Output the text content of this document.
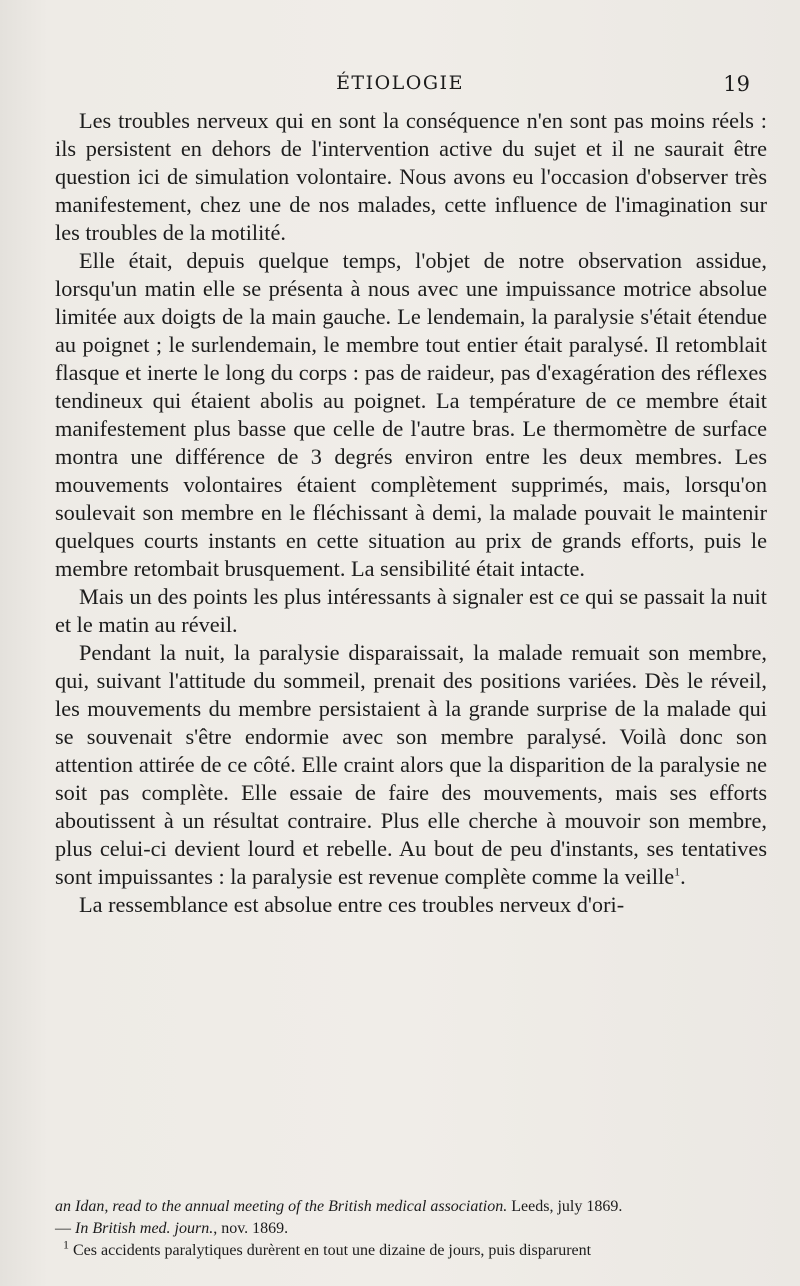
ÉTIOLOGIE	19

Les troubles nerveux qui en sont la conséquence n'en sont pas moins réels : ils persistent en dehors de l'intervention active du sujet et il ne saurait être question ici de simulation volontaire. Nous avons eu l'occasion d'observer très manifestement, chez une de nos malades, cette influence de l'imagination sur les troubles de la motilité.

Elle était, depuis quelque temps, l'objet de notre observation assidue, lorsqu'un matin elle se présenta à nous avec une impuissance motrice absolue limitée aux doigts de la main gauche. Le lendemain, la paralysie s'était étendue au poignet ; le surlendemain, le membre tout entier était paralysé. Il retomblait flasque et inerte le long du corps : pas de raideur, pas d'exagération des réflexes tendineux qui étaient abolis au poignet. La température de ce membre était manifestement plus basse que celle de l'autre bras. Le thermomètre de surface montra une différence de 3 degrés environ entre les deux membres. Les mouvements volontaires étaient complètement supprimés, mais, lorsqu'on soulevait son membre en le fléchissant à demi, la malade pouvait le maintenir quelques courts instants en cette situation au prix de grands efforts, puis le membre retombait brusquement. La sensibilité était intacte.

Mais un des points les plus intéressants à signaler est ce qui se passait la nuit et le matin au réveil.

Pendant la nuit, la paralysie disparaissait, la malade remuait son membre, qui, suivant l'attitude du sommeil, prenait des positions variées. Dès le réveil, les mouvements du membre persistaient à la grande surprise de la malade qui se souvenait s'être endormie avec son membre paralysé. Voilà donc son attention attirée de ce côté. Elle craint alors que la disparition de la paralysie ne soit pas complète. Elle essaie de faire des mouvements, mais ses efforts aboutissent à un résultat contraire. Plus elle cherche à mouvoir son membre, plus celui-ci devient lourd et rebelle. Au bout de peu d'instants, ses tentatives sont impuissantes : la paralysie est revenue complète comme la veille$^1$.

La ressemblance est absolue entre ces troubles nerveux d'ori-

an Idan, read to the annual meeting of the British medical association. Leeds, july 1869.

— In British med. journ., nov. 1869.

$^1$ Ces accidents paralytiques durèrent en tout une dizaine de jours, puis disparurent
